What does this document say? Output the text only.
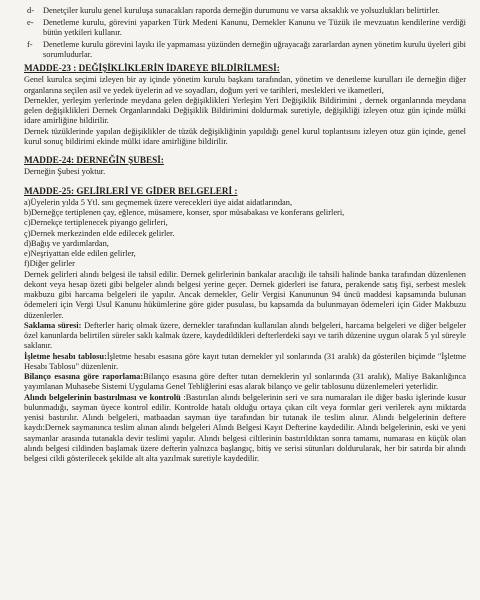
d-	Denetçiler kurulu genel kuruluşa sunacakları raporda derneğin durumunu ve varsa aksaklık ve yolsuzlukları belirtirler.
e-	Denetleme kurulu, görevini yaparken Türk Medeni Kanunu, Dernekler Kanunu ve Tüzük ile mevzuatın kendilerine verdiği bütün yetkileri kullanır.
f-	Denetleme kurulu görevini layıkı ile yapmaması yüzünden derneğin uğrayacağı zararlardan aynen yönetim kurulu üyeleri gibi sorumludurlar.
MADDE-23 : DEĞİŞİKLİKLERİN İDAREYE BİLDİRİLMESİ:

Genel kurulca seçimi izleyen bir ay içinde yönetim kurulu başkanı tarafından, yönetim ve denetleme kurulları ile derneğin diğer organlarına seçilen asil ve yedek üyelerin ad ve soyadları, doğum yeri ve tarihleri, meslekleri ve ikametleri,

Dernekler, yerleşim yerlerinde meydana gelen değişiklikleri Yerleşim Yeri Değişiklik Bildirimini , dernek organlarında meydana gelen değişiklikleri Dernek Organlarındaki Değişiklik Bildirimini doldurmak suretiyle, değişikliği izleyen otuz gün içinde mülki idare amirliğine bildirilir.

Dernek tüzüklerinde yapılan değişiklikler de tüzük değişikliğinin yapıldığı genel kurul toplantısını izleyen otuz gün içinde, genel kurul sonuç bildirimi ekinde mülki idare amirliğine bildirilir.

MADDE-24: DERNEĞİN ŞUBESİ:

Derneğin Şubesi yoktur.

MADDE-25: GELİRLERİ VE GİDER BELGELERİ :

a)Üyelerin yılda 5 Ytl. sını geçmemek üzere verecekleri üye aidat aidatlarından,

b)Derneğçe tertiplenen çay, eğlence, müsamere, konser, spor müsabakası ve konferans gelirleri,

c)Dernekçe tertiplenecek piyango gelirleri,

ç)Dernek merkezinden elde edilecek gelirler.

d)Bağış ve yardımlardan,

e)Neşriyattan elde edilen gelirler,

f)Diğer gelirler

Dernek gelirleri alındı belgesi ile tahsil edilir. Dernek gelirlerinin bankalar aracılığı ile tahsili halinde banka tarafından düzenlenen dekont veya hesap özeti gibi belgeler alındı belgesi yerine geçer. Dernek giderleri ise fatura, perakende satış fişi, serbest meslek makbuzu gibi harcama belgeleri ile yapılır. Ancak dernekler, Gelir Vergisi Kanununun 94 üncü maddesi kapsamında bulunan ödemeleri için Vergi Usul Kanunu hükümlerine göre gider pusulası, bu kapsamda da bulunmayan ödemeleri için Gider Makbuzu düzenlerler.

Saklama süresi: Defterler hariç olmak üzere, dernekler tarafından kullanılan alındı belgeleri, harcama belgeleri ve diğer belgeler özel kanunlarda belirtilen süreler saklı kalmak üzere, kaydedildikleri defterlerdeki sayı ve tarih düzenine uygun olarak 5 yıl süreyle saklanır.

İşletme hesabı tablosu:İşletme hesabı esasına göre kayıt tutan dernekler yıl sonlarında (31 aralık) da gösterilen biçimde "İşletme Hesabı Tablosu" düzenlenir.

Bilanço esasına göre raporlama:Bilanço esasına göre defter tutan derneklerin yıl sonlarında (31 aralık), Maliye Bakanlığınca yayımlanan Muhasebe Sistemi Uygulama Genel Tebliğlerini esas alarak bilanço ve gelir tablosunu düzenlemeleri yeterlidir.

Alındı belgelerinin bastırılması ve kontrolü :Bastırılan alındı belgelerinin seri ve sıra numaraları ile diğer baskı işlerinde kusur bulunmadığı, sayman üyece kontrol edilir. Kontrolde hatalı olduğu ortaya çıkan cilt veya formlar geri verilerek aynı miktarda yenisi bastırılır. Alındı belgeleri, matbaadan sayman üye tarafından bir tutanak ile teslim alınır. Alındı belgelerinin deftere kaydı:Dernek saymanınca teslim alınan alındı belgeleri Alındı Belgesi Kayıt Defterine kaydedilir. Alındı belgelerinin, eski ve yeni saymanlar arasında tutanakla devir teslimi yapılır. Alındı belgesi ciltlerinin bastırıldıktan sonra tamamı, numarası en küçük olan alındı belgesi cildinden başlamak üzere defterin yalnızca başlangıç, bitiş ve serisi sütunları doldurularak, her bir satırda bir alındı belgesi cildi gösterilecek şekilde alt alta yazılmak suretiyle kaydedilir.
